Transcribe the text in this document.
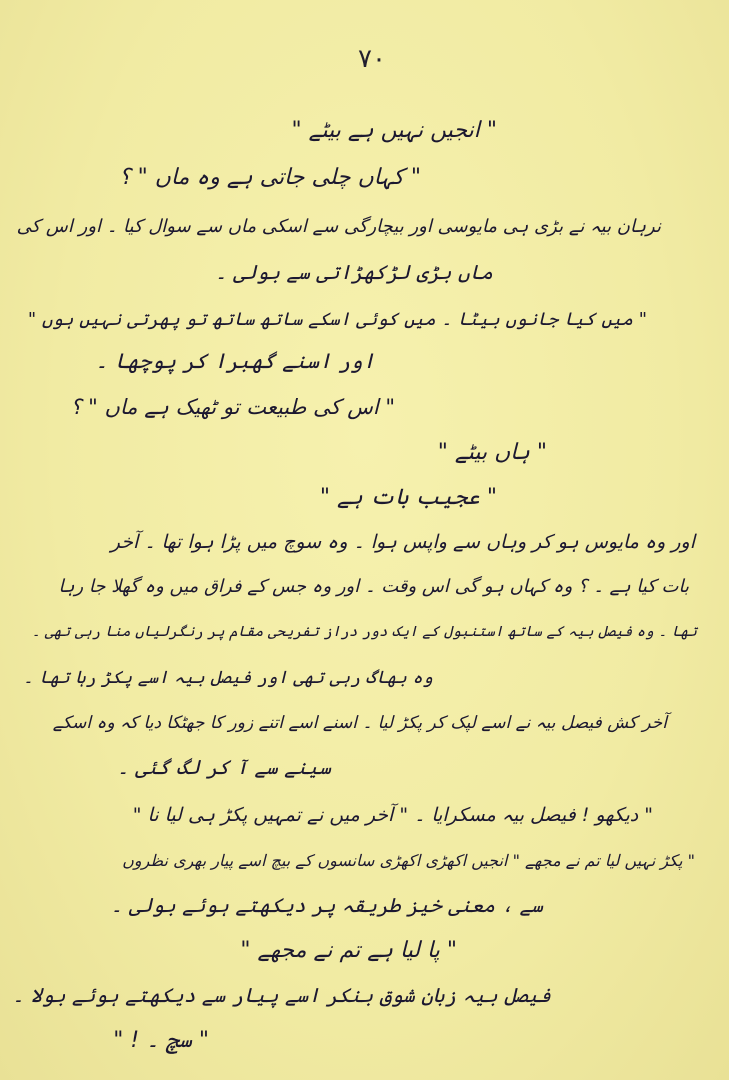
۷۰
" انجیں نہیں ہے بیٹے "
" کہاں چلی جاتی ہے وہ ماں " ؟
نرہان بیہ نے بڑی ہی مایوسی اور بیچارگی سے اسکی ماں سے سوال کیا ۔ اور اس کی
ماں بڑی لڑکھڑاتی سے بولی ۔
" میں کیا جانوں بیٹا ۔ میں کوئی اسکے ساتھ ساتھ تو پھرتی نہیں ہوں "
اور اسنے گھبرا کر پوچھا ۔
" اس کی طبیعت تو ٹھیک ہے ماں " ؟
" ہاں بیٹے "
" عجیب بات ہے "
اور وہ مایوس ہو کر وہاں سے واپس ہوا ۔ وہ سوچ میں پڑا ہوا تھا ۔ آخر
بات کیا ہے ۔ ؟ وہ کہاں ہو گی اس وقت ۔ اور وہ جس کے فراق میں وہ گھلا جا رہا
تھا ۔ وہ فیصل بیہ کے ساتھ استنبول کے ایک دور دراز تفریحی مقام پر رنگرلیاں منا رہی تھی ۔
وہ بھاگ رہی تھی اور فیصل بیہ اسے پکڑ رہا تھا ۔
آخر کش فیصل بیہ نے اسے لپک کر پکڑ لیا ۔ اسنے اسے اتنے زور کا جھٹکا دیا کہ وہ اسکے
سینے سے آ کر لگ گئی ۔
" دیکھو ! فیصل بیہ مسکرایا ۔ " آخر میں نے تمہیں پکڑ ہی لیا نا "
" پکڑ نہیں لیا تم نے مجھے " انجیں اکھڑی اکھڑی سانسوں کے بیچ اسے پیار بھری نظروں
سے ، معنی خیز طریقہ پر دیکھتے ہوئے بولی ۔
" پا لیا ہے تم نے مجھے "
فیصل بیہ زبان شوق بنکر اسے پیار سے دیکھتے ہوئے بولا ۔
" سچ ۔ ! "
